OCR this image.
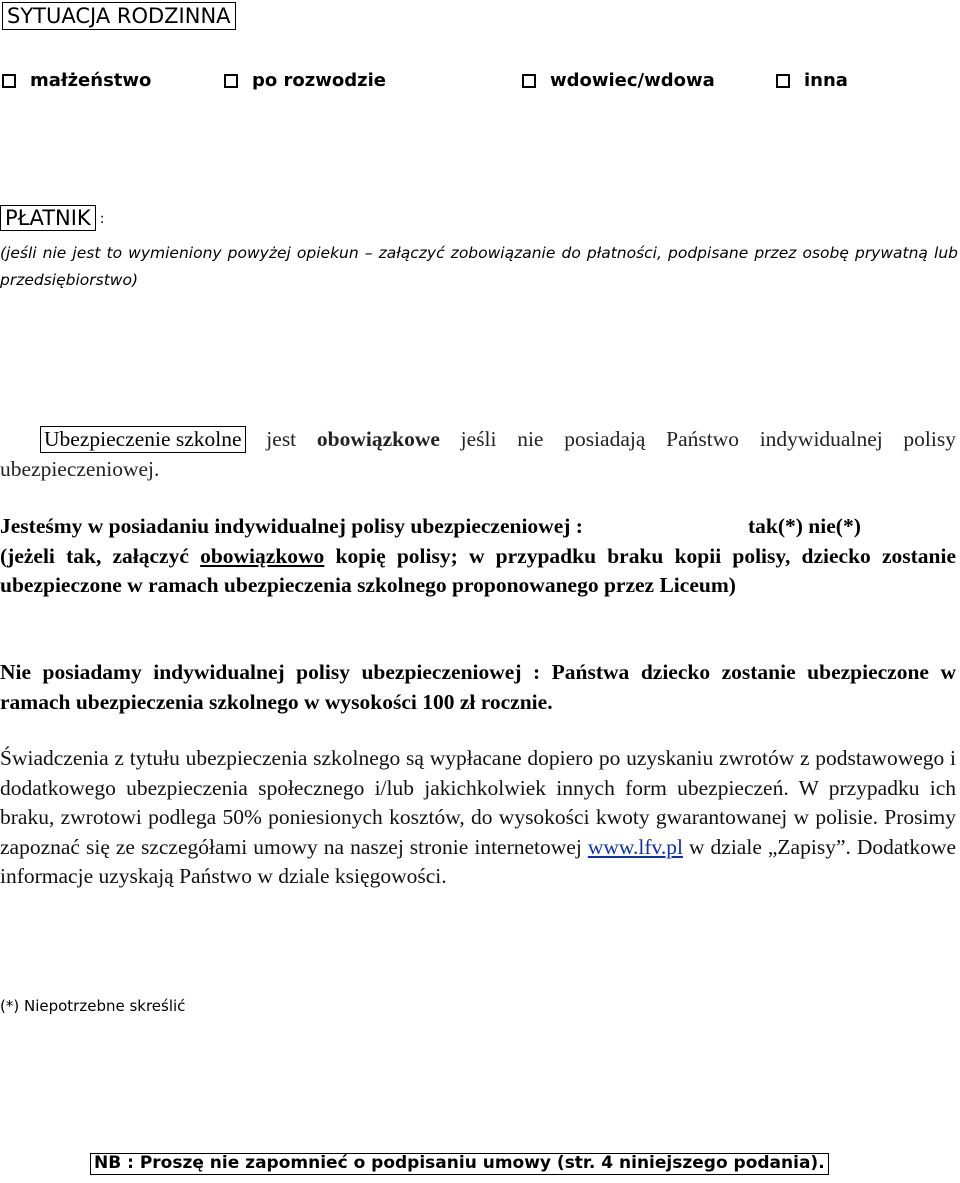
SYTUACJA RODZINNA
małżeństwo	po rozwodzie	wdowiec/wdowa	inna
PŁATNIK :
(jeśli nie jest to wymieniony powyżej opiekun – załączyć zobowiązanie do płatności, podpisane przez osobę prywatną lub przedsiębiorstwo)
Ubezpieczenie szkolne jest obowiązkowe jeśli nie posiadają Państwo indywidualnej polisy ubezpieczeniowej.
Jesteśmy w posiadaniu indywidualnej polisy ubezpieczeniowej :	tak(*) nie(*)
(jeżeli tak, załączyć obowiązkowo kopię polisy; w przypadku braku kopii polisy, dziecko zostanie ubezpieczone w ramach ubezpieczenia szkolnego proponowanego przez Liceum)
Nie posiadamy indywidualnej polisy ubezpieczeniowej : Państwa dziecko zostanie ubezpieczone w ramach ubezpieczenia szkolnego w wysokości 100 zł rocznie.
Świadczenia z tytułu ubezpieczenia szkolnego są wypłacane dopiero po uzyskaniu zwrotów z podstawowego i dodatkowego ubezpieczenia społecznego i/lub jakichkolwiek innych form ubezpieczeń. W przypadku ich braku, zwrotowi podlega 50% poniesionych kosztów, do wysokości kwoty gwarantowanej w polisie. Prosimy zapoznać się ze szczegółami umowy na naszej stronie internetowej www.lfv.pl w dziale „Zapisy”. Dodatkowe informacje uzyskają Państwo w dziale księgowości.
(*) Niepotrzebne skreślić
NB : Proszę nie zapomnieć o podpisaniu umowy (str. 4 niniejszego podania).
